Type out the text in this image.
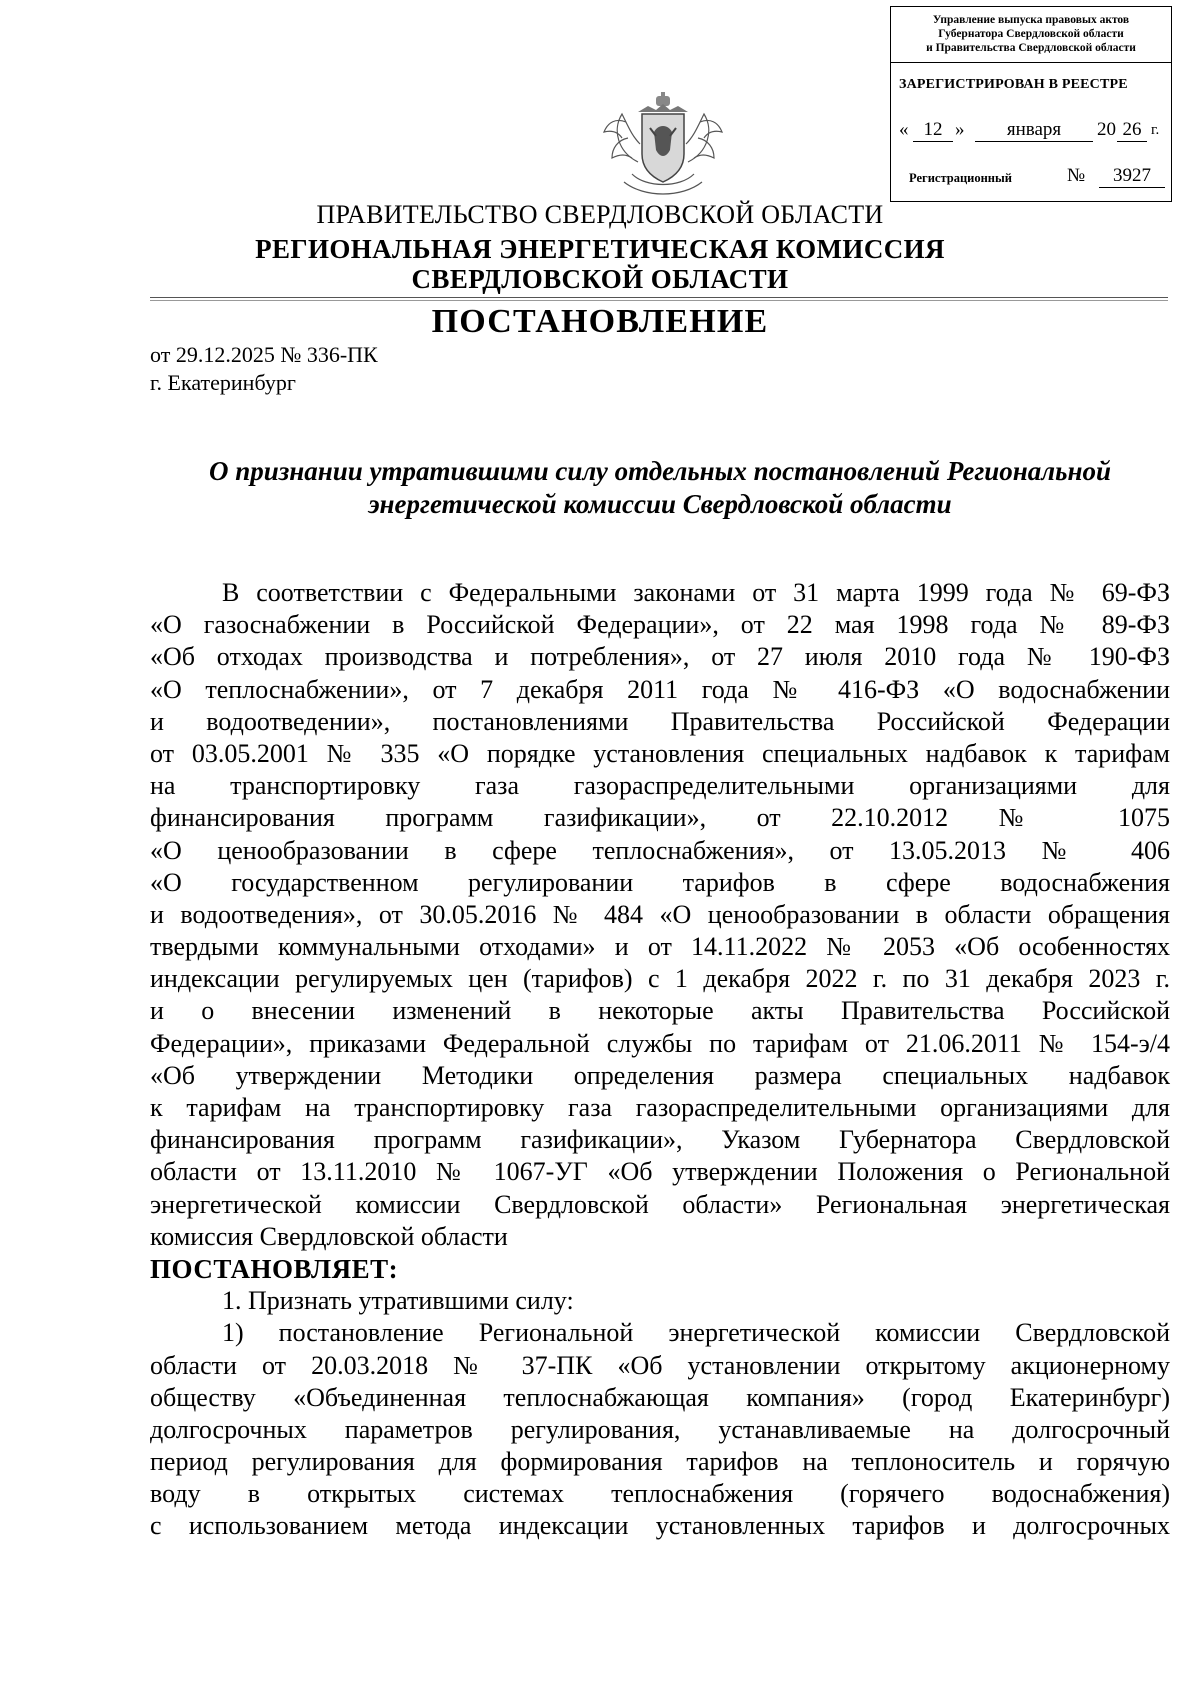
Управление выпуска правовых актов
Губернатора Свердловской области
и Правительства Свердловской области
ЗАРЕГИСТРИРОВАН В РЕЕСТРЕ
« 12 »	января	20 26 г.
Регистрационный	№	3927
ПРАВИТЕЛЬСТВО СВЕРДЛОВСКОЙ ОБЛАСТИ
РЕГИОНАЛЬНАЯ ЭНЕРГЕТИЧЕСКАЯ КОМИССИЯ
СВЕРДЛОВСКОЙ ОБЛАСТИ
ПОСТАНОВЛЕНИЕ
от 29.12.2025 № 336-ПК
г. Екатеринбург
О признании утратившими силу отдельных постановлений Региональной
энергетической комиссии Свердловской области
В соответствии с Федеральными законами от 31 марта 1999 года № 69-ФЗ
«О газоснабжении в Российской Федерации», от 22 мая 1998 года № 89-ФЗ
«Об отходах производства и потребления», от 27 июля 2010 года № 190-ФЗ
«О теплоснабжении», от 7 декабря 2011 года № 416-ФЗ «О водоснабжении
и водоотведении», постановлениями Правительства Российской Федерации
от 03.05.2001 № 335 «О порядке установления специальных надбавок к тарифам
на транспортировку газа газораспределительными организациями для
финансирования программ газификации», от 22.10.2012 № 1075
«О ценообразовании в сфере теплоснабжения», от 13.05.2013 № 406
«О государственном регулировании тарифов в сфере водоснабжения
и водоотведения», от 30.05.2016 № 484 «О ценообразовании в области обращения
твердыми коммунальными отходами» и от 14.11.2022 № 2053 «Об особенностях
индексации регулируемых цен (тарифов) с 1 декабря 2022 г. по 31 декабря 2023 г.
и о внесении изменений в некоторые акты Правительства Российской
Федерации», приказами Федеральной службы по тарифам от 21.06.2011 № 154-э/4
«Об утверждении Методики определения размера специальных надбавок
к тарифам на транспортировку газа газораспределительными организациями для
финансирования программ газификации», Указом Губернатора Свердловской
области от 13.11.2010 № 1067-УГ «Об утверждении Положения о Региональной
энергетической комиссии Свердловской области» Региональная энергетическая
комиссия Свердловской области
ПОСТАНОВЛЯЕТ:
1. Признать утратившими силу:
1) постановление Региональной энергетической комиссии Свердловской
области от 20.03.2018 № 37-ПК «Об установлении открытому акционерному
обществу «Объединенная теплоснабжающая компания» (город Екатеринбург)
долгосрочных параметров регулирования, устанавливаемые на долгосрочный
период регулирования для формирования тарифов на теплоноситель и горячую
воду в открытых системах теплоснабжения (горячего водоснабжения)
с использованием метода индексации установленных тарифов и долгосрочных
